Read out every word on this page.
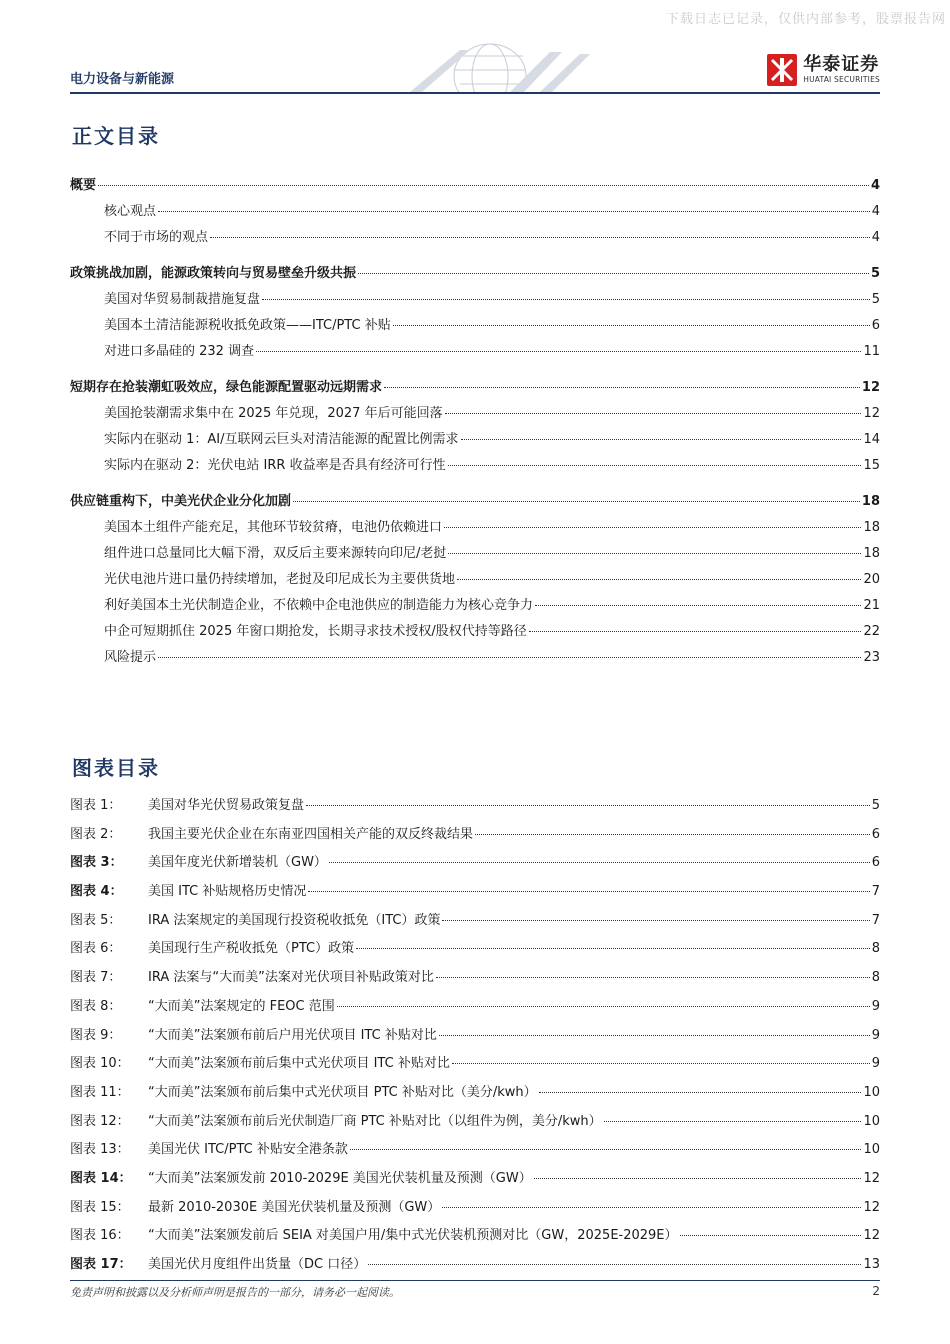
下载日志已记录，仅供内部参考，股票报告网
电力设备与新能源
华泰证券
HUATAI SECURITIES
正文目录
概要	4
核心观点	4
不同于市场的观点	4
政策挑战加剧，能源政策转向与贸易壁垒升级共振	5
美国对华贸易制裁措施复盘	5
美国本土清洁能源税收抵免政策——ITC/PTC 补贴	6
对进口多晶硅的 232 调查	11
短期存在抢装潮虹吸效应，绿色能源配置驱动远期需求	12
美国抢装潮需求集中在 2025 年兑现，2027 年后可能回落	12
实际内在驱动 1：AI/互联网云巨头对清洁能源的配置比例需求	14
实际内在驱动 2：光伏电站 IRR 收益率是否具有经济可行性	15
供应链重构下，中美光伏企业分化加剧	18
美国本土组件产能充足，其他环节较贫瘠，电池仍依赖进口	18
组件进口总量同比大幅下滑，双反后主要来源转向印尼/老挝	18
光伏电池片进口量仍持续增加，老挝及印尼成长为主要供货地	20
利好美国本土光伏制造企业，不依赖中企电池供应的制造能力为核心竞争力	21
中企可短期抓住 2025 年窗口期抢发，长期寻求技术授权/股权代持等路径	22
风险提示	23
图表目录
图表 1：	美国对华光伏贸易政策复盘	5
图表 2：	我国主要光伏企业在东南亚四国相关产能的双反终裁结果	6
图表 3：	美国年度光伏新增装机（GW）	6
图表 4：	美国 ITC 补贴规格历史情况	7
图表 5：	IRA 法案规定的美国现行投资税收抵免（ITC）政策	7
图表 6：	美国现行生产税收抵免（PTC）政策	8
图表 7：	IRA 法案与“大而美”法案对光伏项目补贴政策对比	8
图表 8：	“大而美”法案规定的 FEOC 范围	9
图表 9：	“大而美”法案颁布前后户用光伏项目 ITC 补贴对比	9
图表 10：	“大而美”法案颁布前后集中式光伏项目 ITC 补贴对比	9
图表 11：	“大而美”法案颁布前后集中式光伏项目 PTC 补贴对比（美分/kwh）	10
图表 12：	“大而美”法案颁布前后光伏制造厂商 PTC 补贴对比（以组件为例，美分/kwh）	10
图表 13：	美国光伏 ITC/PTC 补贴安全港条款	10
图表 14：	“大而美”法案颁发前 2010-2029E 美国光伏装机量及预测（GW）	12
图表 15：	最新 2010-2030E 美国光伏装机量及预测（GW）	12
图表 16：	“大而美”法案颁发前后 SEIA 对美国户用/集中式光伏装机预测对比（GW，2025E-2029E）	12
图表 17：	美国光伏月度组件出货量（DC 口径）	13
免责声明和披露以及分析师声明是报告的一部分，请务必一起阅读。	2
